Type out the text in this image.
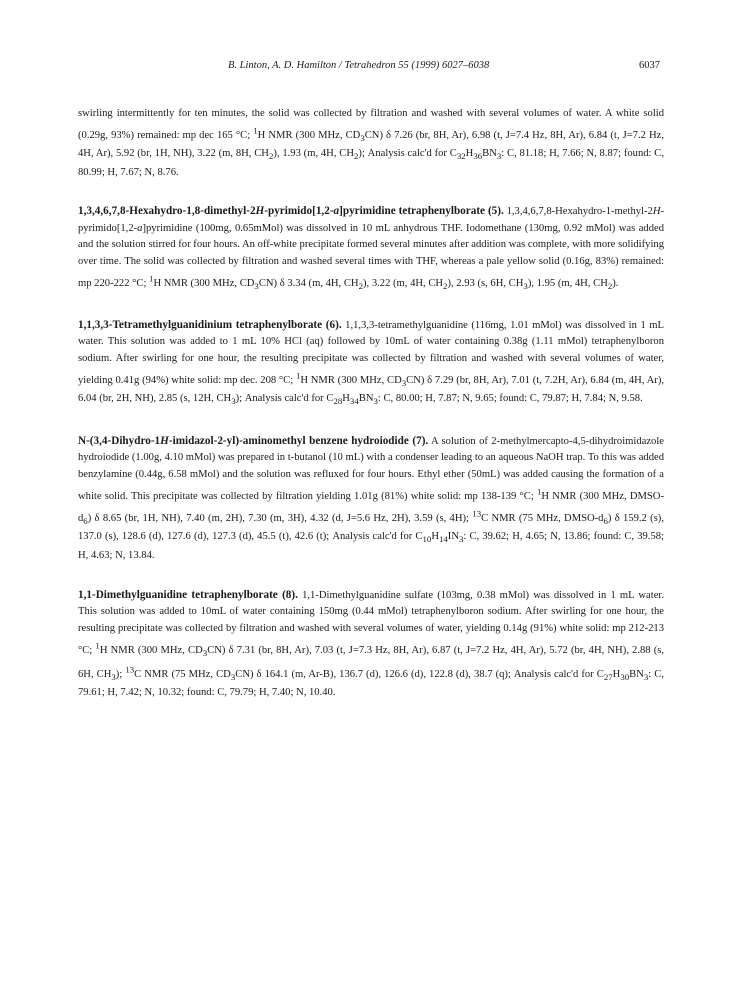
B. Linton, A. D. Hamilton / Tetrahedron 55 (1999) 6027–6038	6037

swirling intermittently for ten minutes, the solid was collected by filtration and washed with several volumes of water. A white solid (0.29g, 93%) remained: mp dec 165 °C; $^1$H NMR (300 MHz, $CD_3CN$) δ 7.26 (br, 8H, Ar), 6.98 (t, J=7.4 Hz, 8H, Ar), 6.84 (t, J=7.2 Hz, 4H, Ar), 5.92 (br, 1H, NH), 3.22 (m, 8H, $CH_2$), 1.93 (m, 4H, $CH_2$); Analysis calc'd for $C_{32}H_{36}BN_3$: C, 81.18; H, 7.66; N, 8.87; found: C, 80.99; H, 7.67; N, 8.76.

1,3,4,6,7,8-Hexahydro-1,8-dimethyl-2H-pyrimido[1,2-a]pyrimidine tetraphenylborate (5). 1,3,4,6,7,8-Hexahydro-1-methyl-2H-pyrimido[1,2-a]pyrimidine (100mg, 0.65mMol) was dissolved in 10 mL anhydrous THF. Iodomethane (130mg, 0.92 mMol) was added and the solution stirred for four hours. An off-white precipitate formed several minutes after addition was complete, with more solidifying over time. The solid was collected by filtration and washed several times with THF, whereas a pale yellow solid (0.16g, 83%) remained: mp 220-222 °C; $^1$H NMR (300 MHz, $CD_3CN$) δ 3.34 (m, 4H, $CH_2$), 3.22 (m, 4H, $CH_2$), 2.93 (s, 6H, $CH_3$), 1.95 (m, 4H, $CH_2$).

1,1,3,3-Tetramethylguanidinium tetraphenylborate (6). 1,1,3,3-tetramethylguanidine (116mg, 1.01 mMol) was dissolved in 1 mL water. This solution was added to 1 mL 10% HCl (aq) followed by 10mL of water containing 0.38g (1.11 mMol) tetraphenylboron sodium. After swirling for one hour, the resulting precipitate was collected by filtration and washed with several volumes of water, yielding 0.41g (94%) white solid: mp dec. 208 °C; $^1$H NMR (300 MHz, $CD_3CN$) δ 7.29 (br, 8H, Ar), 7.01 (t, 7.2H, Ar), 6.84 (m, 4H, Ar), 6.04 (br, 2H, NH), 2.85 (s, 12H, $CH_3$); Analysis calc'd for $C_{28}H_{34}BN_3$: C, 80.00; H, 7.87; N, 9.65; found: C, 79.87; H, 7.84; N, 9.58.

N-(3,4-Dihydro-1H-imidazol-2-yl)-aminomethyl benzene hydroiodide (7). A solution of 2-methylmercapto-4,5-dihydroimidazole hydroiodide (1.00g, 4.10 mMol) was prepared in t-butanol (10 mL) with a condenser leading to an aqueous NaOH trap. To this was added benzylamine (0.44g, 6.58 mMol) and the solution was refluxed for four hours. Ethyl ether (50mL) was added causing the formation of a white solid. This precipitate was collected by filtration yielding 1.01g (81%) white solid: mp 138-139 °C; $^1$H NMR (300 MHz, DMSO-$d_6$) δ 8.65 (br, 1H, NH), 7.40 (m, 2H), 7.30 (m, 3H), 4.32 (d, J=5.6 Hz, 2H), 3.59 (s, 4H); $^{13}$C NMR (75 MHz, DMSO-$d_6$) δ 159.2 (s), 137.0 (s), 128.6 (d), 127.6 (d), 127.3 (d), 45.5 (t), 42.6 (t); Analysis calc'd for $C_{10}H_{14}IN_3$: C, 39.62; H, 4.65; N, 13.86; found: C, 39.58; H, 4.63; N, 13.84.

1,1-Dimethylguanidine tetraphenylborate (8). 1,1-Dimethylguanidine sulfate (103mg, 0.38 mMol) was dissolved in 1 mL water. This solution was added to 10mL of water containing 150mg (0.44 mMol) tetraphenylboron sodium. After swirling for one hour, the resulting precipitate was collected by filtration and washed with several volumes of water, yielding 0.14g (91%) white solid: mp 212-213 °C; $^1$H NMR (300 MHz, $CD_3CN$) δ 7.31 (br, 8H, Ar), 7.03 (t, J=7.3 Hz, 8H, Ar), 6.87 (t, J=7.2 Hz, 4H, Ar), 5.72 (br, 4H, NH), 2.88 (s, 6H, $CH_3$); $^{13}$C NMR (75 MHz, $CD_3CN$) δ 164.1 (m, Ar-B), 136.7 (d), 126.6 (d), 122.8 (d), 38.7 (q); Analysis calc'd for $C_{27}H_{30}BN_3$: C, 79.61; H, 7.42; N, 10.32; found: C, 79.79; H, 7.40; N, 10.40.
